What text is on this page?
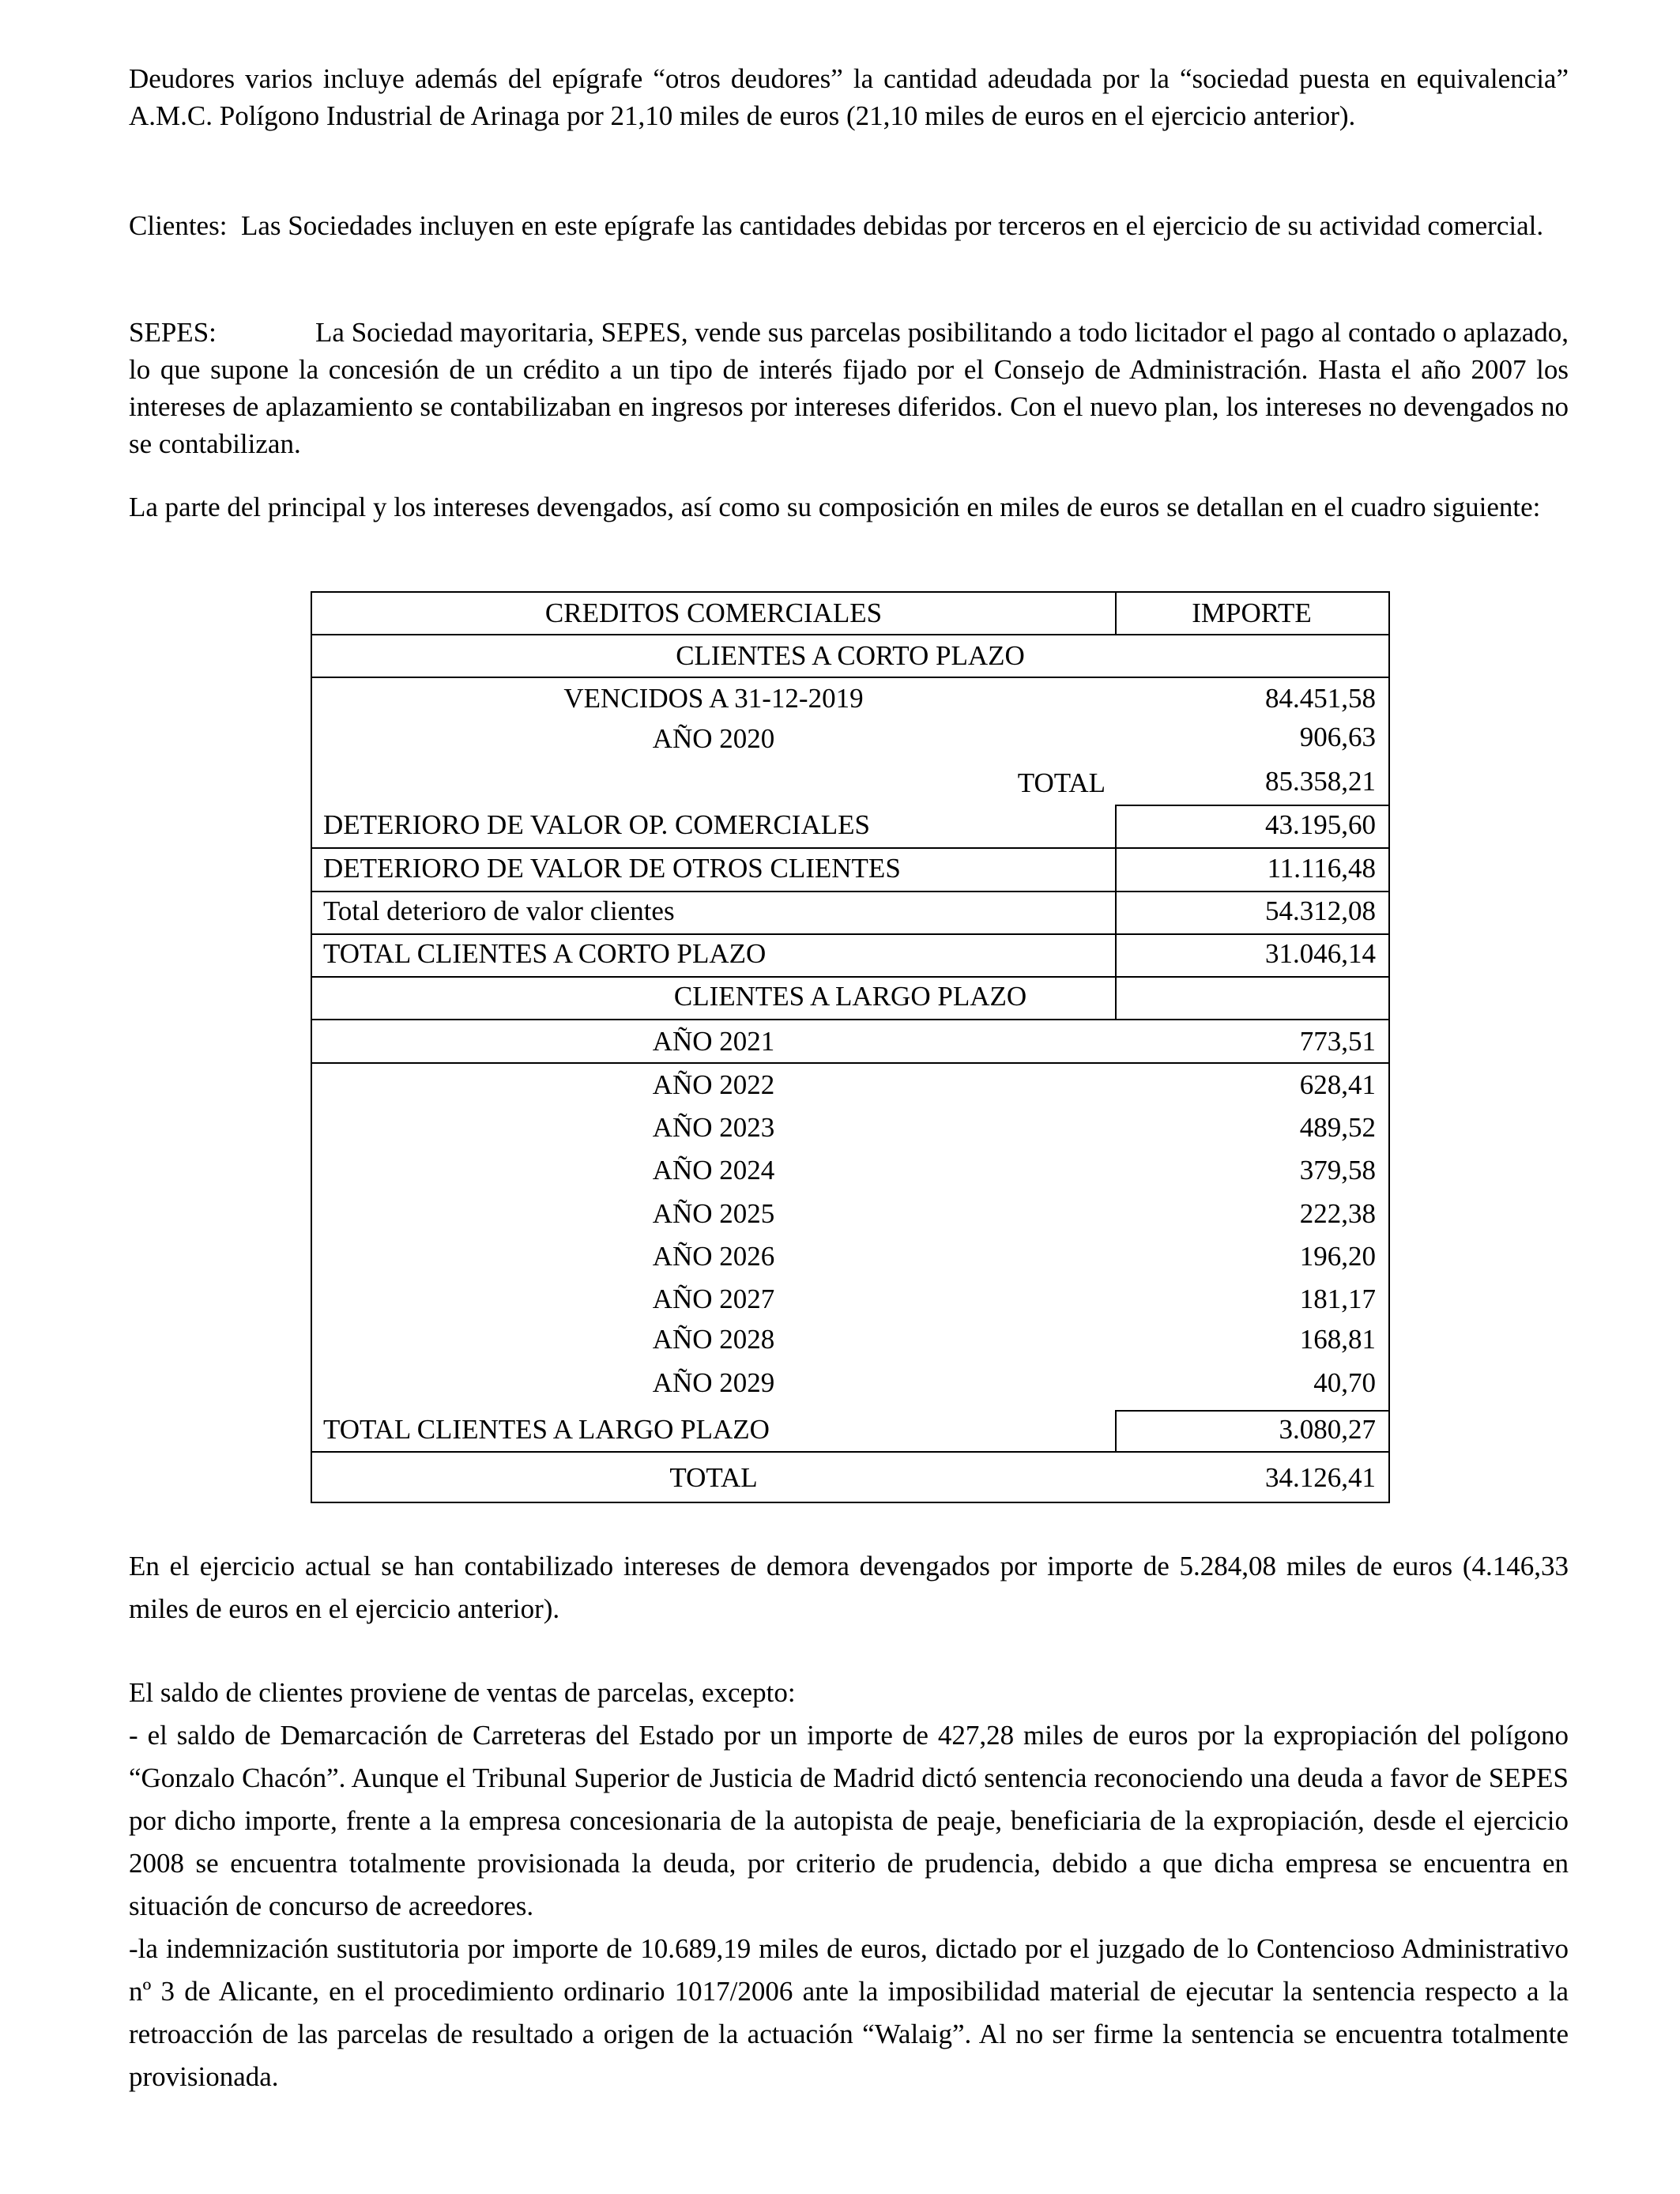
Deudores varios incluye además del epígrafe “otros deudores” la cantidad adeudada por la “sociedad puesta en equivalencia” A.M.C. Polígono Industrial de Arinaga por 21,10 miles de euros (21,10 miles de euros en el ejercicio anterior).

Clientes: Las Sociedades incluyen en este epígrafe las cantidades debidas por terceros en el ejercicio de su actividad comercial.

SEPES:	La Sociedad mayoritaria, SEPES, vende sus parcelas posibilitando a todo licitador el pago al contado o aplazado, lo que supone la concesión de un crédito a un tipo de interés fijado por el Consejo de Administración. Hasta el año 2007 los intereses de aplazamiento se contabilizaban en ingresos por intereses diferidos. Con el nuevo plan, los intereses no devengados no se contabilizan.

La parte del principal y los intereses devengados, así como su composición en miles de euros se detallan en el cuadro siguiente:

En el ejercicio actual se han contabilizado intereses de demora devengados por importe de 5.284,08 miles de euros (4.146,33 miles de euros en el ejercicio anterior).

El saldo de clientes proviene de ventas de parcelas, excepto:
- el saldo de Demarcación de Carreteras del Estado por un importe de 427,28 miles de euros por la expropiación del polígono “Gonzalo Chacón”. Aunque el Tribunal Superior de Justicia de Madrid dictó sentencia reconociendo una deuda a favor de SEPES por dicho importe, frente a la empresa concesionaria de la autopista de peaje, beneficiaria de la expropiación, desde el ejercicio 2008 se encuentra totalmente provisionada la deuda, por criterio de prudencia, debido a que dicha empresa se encuentra en situación de concurso de acreedores.
-la indemnización sustitutoria por importe de 10.689,19 miles de euros, dictado por el juzgado de lo Contencioso Administrativo nº 3 de Alicante, en el procedimiento ordinario 1017/2006 ante la imposibilidad material de ejecutar la sentencia respecto a la retroacción de las parcelas de resultado a origen de la actuación “Walaig”. Al no ser firme la sentencia se encuentra totalmente provisionada.
CREDITOS COMERCIALES	IMPORTE
CLIENTES A CORTO PLAZO
VENCIDOS A 31-12-2019	84.451,58
AÑO 2020	906,63
TOTAL	85.358,21
DETERIORO DE VALOR OP. COMERCIALES	43.195,60
DETERIORO DE VALOR DE OTROS CLIENTES	11.116,48
Total deterioro de valor clientes	54.312,08
TOTAL CLIENTES A CORTO PLAZO	31.046,14
CLIENTES A LARGO PLAZO
AÑO 2021	773,51
AÑO 2022	628,41
AÑO 2023	489,52
AÑO 2024	379,58
AÑO 2025	222,38
AÑO 2026	196,20
AÑO 2027	181,17
AÑO 2028	168,81
AÑO 2029	40,70
TOTAL CLIENTES A LARGO PLAZO	3.080,27
TOTAL	34.126,41
